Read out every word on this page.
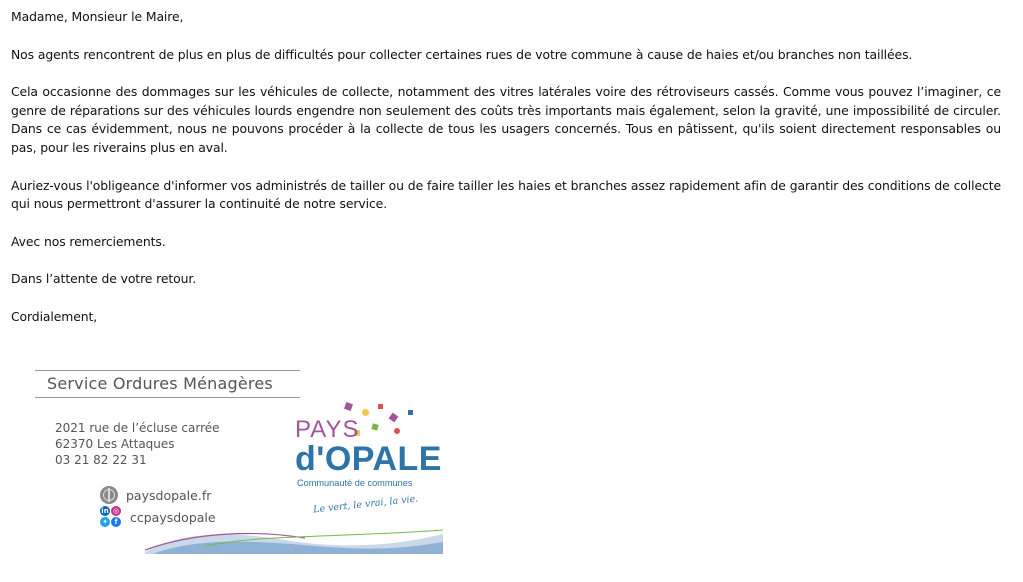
Madame, Monsieur le Maire,

Nos agents rencontrent de plus en plus de difficultés pour collecter certaines rues de votre commune à cause de haies et/ou branches non taillées.

Cela occasionne des dommages sur les véhicules de collecte, notamment des vitres latérales voire des rétroviseurs cassés. Comme vous pouvez l’imaginer, ce genre de réparations sur des véhicules lourds engendre non seulement des coûts très importants mais également, selon la gravité, une impossibilité de circuler. Dans ce cas évidemment, nous ne pouvons procéder à la collecte de tous les usagers concernés. Tous en pâtissent, qu'ils soient directement responsables ou pas, pour les riverains plus en aval.

Auriez-vous l'obligeance d'informer vos administrés de tailler ou de faire tailler les haies et branches assez rapidement afin de garantir des conditions de collecte qui nous permettront d'assurer la continuité de notre service.

Avec nos remerciements.

Dans l’attente de votre retour.

Cordialement,

Service Ordures Ménagères
2021 rue de l’écluse carrée
62370 Les Attaques
03 21 82 22 31
paysdopale.fr
in ◎
✦ f ccpaysdopale
PAYS
d'OPALE
Communauté de communes
Le vert, le vrai, la vie.
